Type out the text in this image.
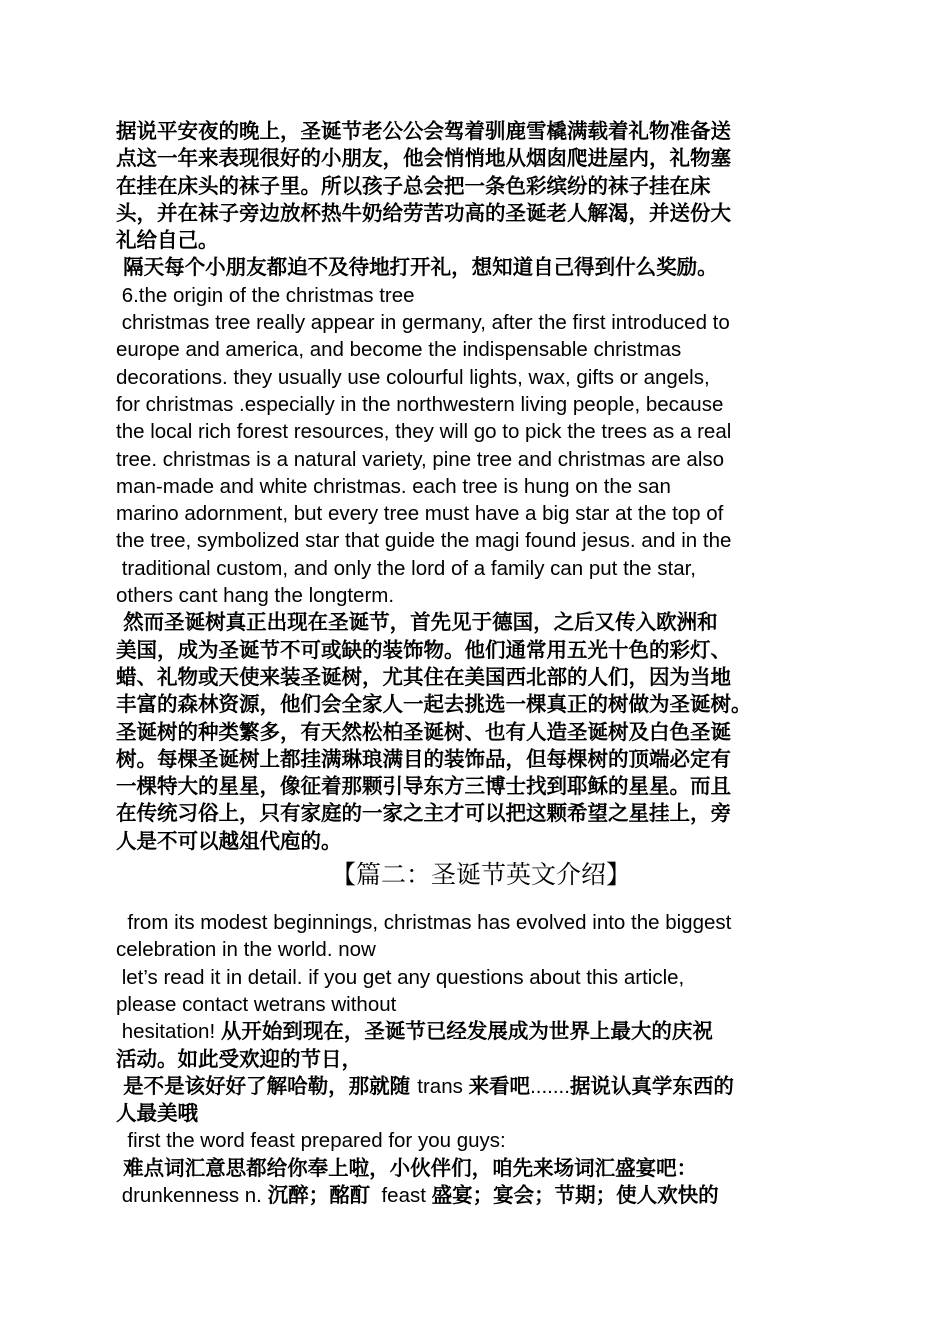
据说平安夜的晚上，圣诞节老公公会驾着驯鹿雪橇满载着礼物准备送

点这一年来表现很好的小朋友，他会悄悄地从烟囱爬进屋内，礼物塞

在挂在床头的袜子里。所以孩子总会把一条色彩缤纷的袜子挂在床

头，并在袜子旁边放杯热牛奶给劳苦功高的圣诞老人解渴，并送份大

礼给自己。

隔天每个小朋友都迫不及待地打开礼，想知道自己得到什么奖励。

6.the origin of the christmas tree

christmas tree really appear in germany, after the first introduced to

europe and america, and become the indispensable christmas

decorations. they usually use colourful lights, wax, gifts or angels,

for christmas .especially in the northwestern living people, because

the local rich forest resources, they will go to pick the trees as a real

tree. christmas is a natural variety, pine tree and christmas are also

man-made and white christmas. each tree is hung on the san

marino adornment, but every tree must have a big star at the top of

the tree, symbolized star that guide the magi found jesus. and in the

traditional custom, and only the lord of a family can put the star,

others cant hang the longterm.

然而圣诞树真正出现在圣诞节，首先见于德国，之后又传入欧洲和

美国，成为圣诞节不可或缺的装饰物。他们通常用五光十色的彩灯、

蜡、礼物或天使来装圣诞树，尤其住在美国西北部的人们，因为当地

丰富的森林资源，他们会全家人一起去挑选一棵真正的树做为圣诞树。

圣诞树的种类繁多，有天然松柏圣诞树、也有人造圣诞树及白色圣诞

树。每棵圣诞树上都挂满琳琅满目的装饰品，但每棵树的顶端必定有

一棵特大的星星，像征着那颗引导东方三博士找到耶稣的星星。而且

在传统习俗上，只有家庭的一家之主才可以把这颗希望之星挂上，旁

人是不可以越俎代庖的。

【篇二：圣诞节英文介绍】

from its modest beginnings, christmas has evolved into the biggest

celebration in the world. now

let’s read it in detail. if you get any questions about this article,

please contact wetrans without

hesitation! 从开始到现在，圣诞节已经发展成为世界上最大的庆祝

活动。如此受欢迎的节日，

是不是该好好了解哈勒，那就随 trans 来看吧.......据说认真学东西的

人最美哦

first the word feast prepared for you guys:

难点词汇意思都给你奉上啦，小伙伴们，咱先来场词汇盛宴吧：

drunkenness n. 沉醉；酩酊  feast 盛宴；宴会；节期；使人欢快的
